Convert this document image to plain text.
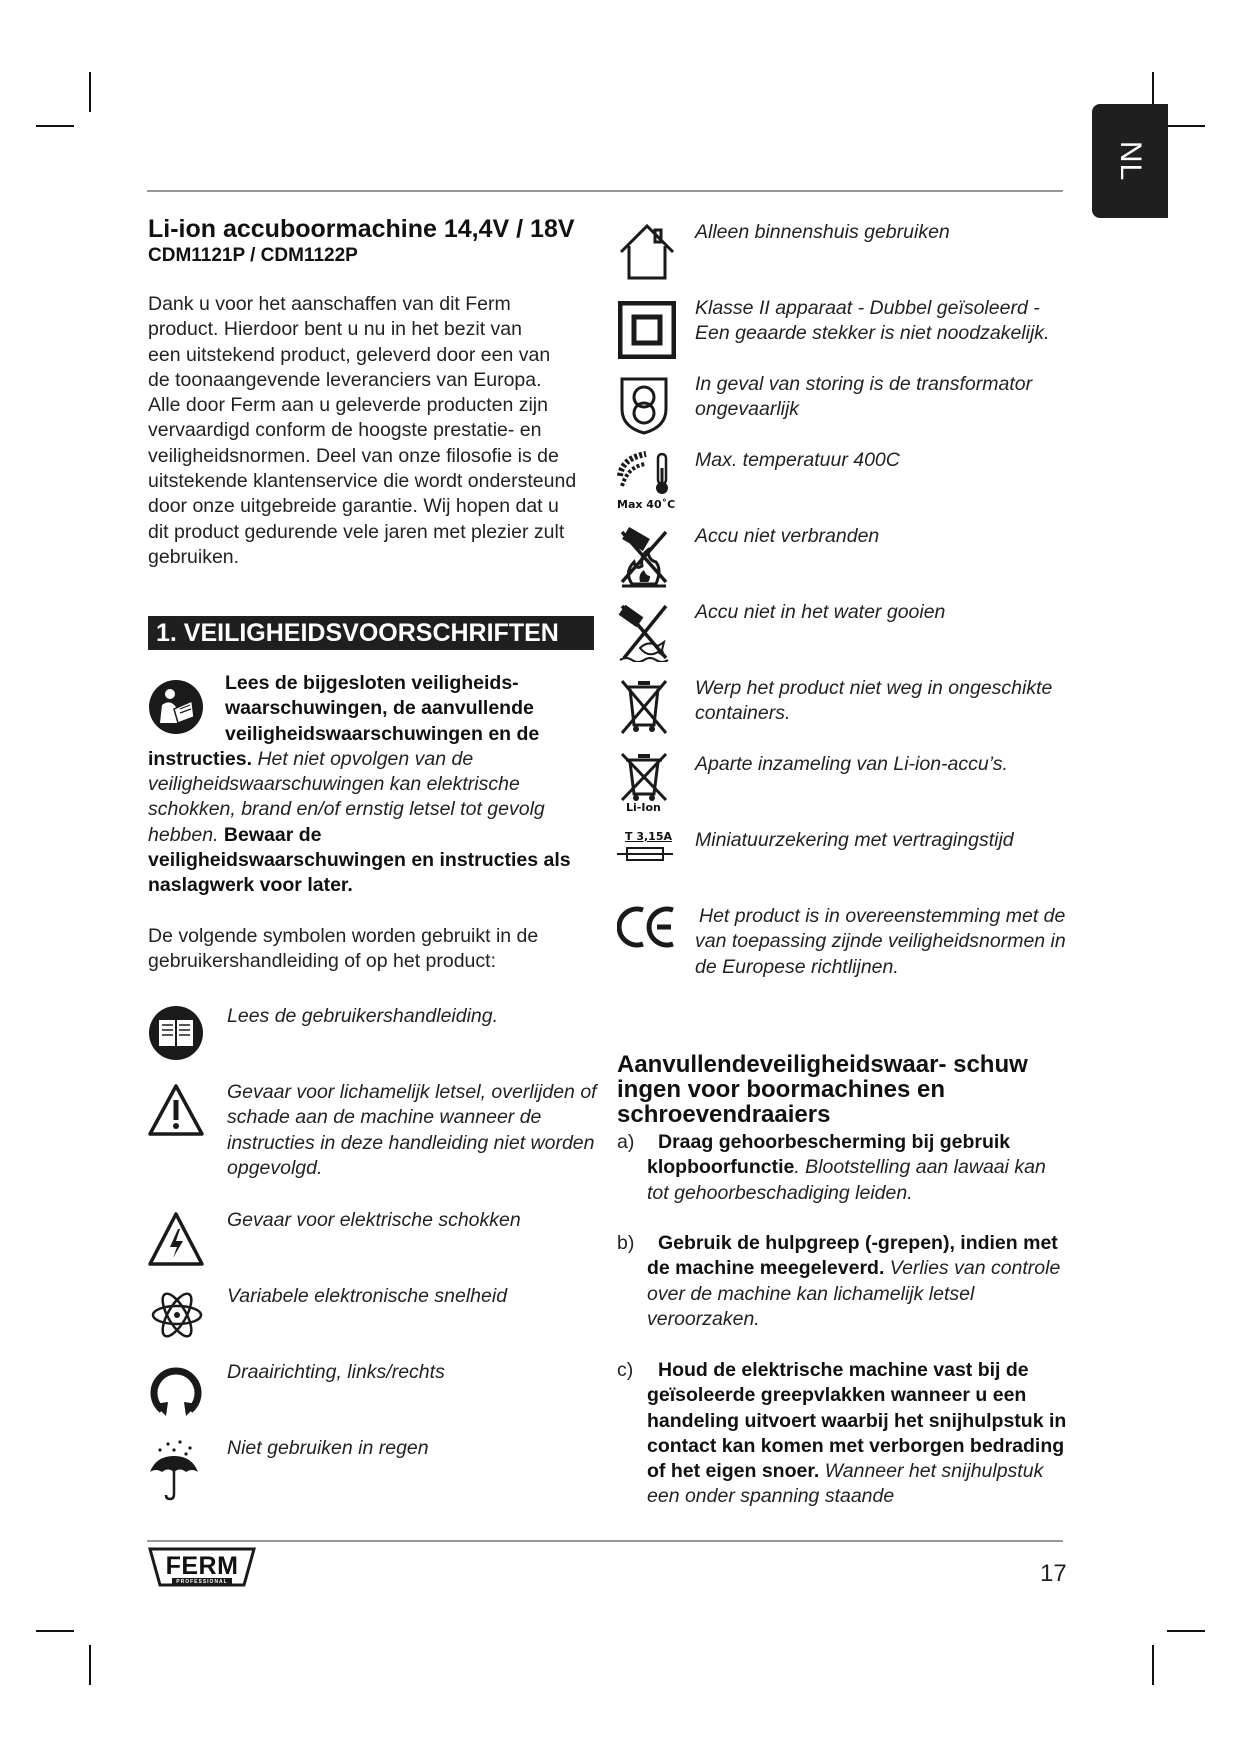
NL
Li-ion accuboormachine 14,4V / 18V
CDM1121P / CDM1122P
Dank u voor het aanschaffen van dit Ferm
product. Hierdoor bent u nu in het bezit van
een uitstekend product, geleverd door een van
de toonaangevende leveranciers van Europa.
Alle door Ferm aan u geleverde producten zijn
vervaardigd conform de hoogste prestatie- en
veiligheidsnormen. Deel van onze filosofie is de
uitstekende klantenservice die wordt ondersteund
door onze uitgebreide garantie. Wij hopen dat u
dit product gedurende vele jaren met plezier zult
gebruiken.
1. VEILIGHEIDSVOORSCHRIFTEN
Lees de bijgesloten veiligheids-
waarschuwingen, de aanvullende
veiligheidswaarschuwingen en de
instructies. Het niet opvolgen van de
veiligheidswaarschuwingen kan elektrische
schokken, brand en/of ernstig letsel tot gevolg
hebben. Bewaar de
veiligheidswaarschuwingen en instructies als
naslagwerk voor later.
De volgende symbolen worden gebruikt in de
gebruikershandleiding of op het product:
Lees de gebruikershandleiding.
Gevaar voor lichamelijk letsel, overlijden of schade aan de machine wanneer de instructies in deze handleiding niet worden opgevolgd.
Gevaar voor elektrische schokken
Variabele elektronische snelheid
Draairichting, links/rechts
Niet gebruiken in regen
Alleen binnenshuis gebruiken
Klasse II apparaat - Dubbel geïsoleerd - Een geaarde stekker is niet noodzakelijk.
In geval van storing is de transformator ongevaarlijk
Max 40˚C
Max. temperatuur 400C
Accu niet verbranden
Accu niet in het water gooien
Werp het product niet weg in ongeschikte containers.
Li-Ion
Aparte inzameling van Li-ion-accu’s.
T 3,15A Miniatuurzekering met vertragingstijd
Het product is in overeenstemming met de van toepassing zijnde veiligheidsnormen in de Europese richtlijnen.
Aanvullendeveiligheidswaar- schuw ingen voor boormachines en schroevendraaiers
a)	Draag gehoorbescherming bij gebruik klopboorfunctie. Blootstelling aan lawaai kan tot gehoorbeschadiging leiden.
b)	Gebruik de hulpgreep (-grepen), indien met de machine meegeleverd. Verlies van controle over de machine kan lichamelijk letsel veroorzaken.
c)	Houd de elektrische machine vast bij de geïsoleerde greepvlakken wanneer u een handeling uitvoert waarbij het snijhulpstuk in contact kan komen met verborgen bedrading of het eigen snoer. Wanneer het snijhulpstuk een onder spanning staande
FERM
PROFESSIONAL	17
